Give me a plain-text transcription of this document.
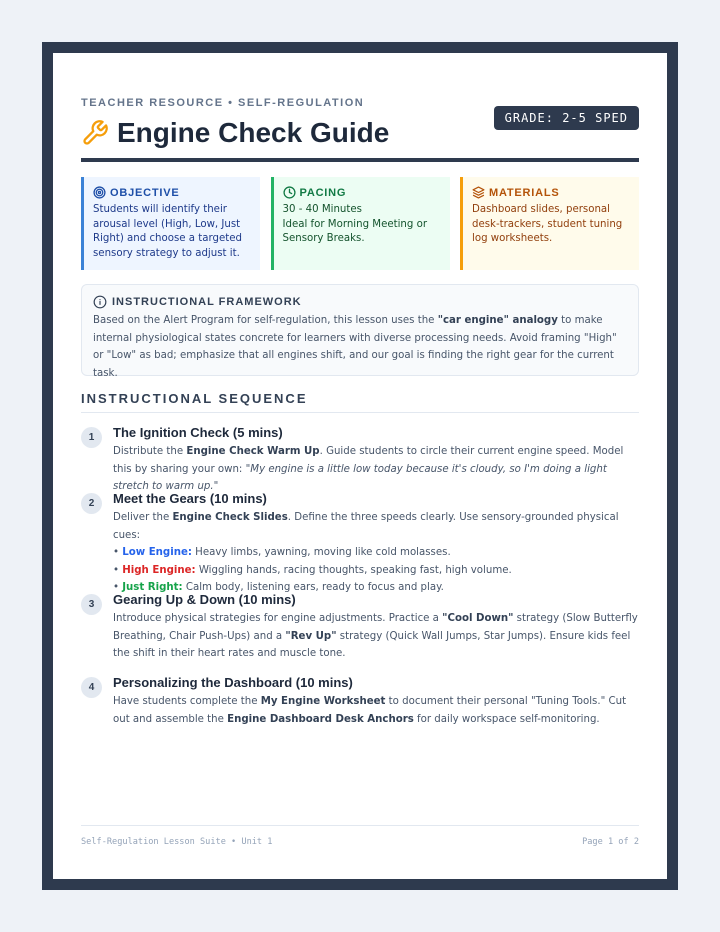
TEACHER RESOURCE • SELF-REGULATION
Engine Check Guide	GRADE: 2-5 SPED
OBJECTIVE
Students will identify their arousal level (High, Low, Just Right) and choose a targeted sensory strategy to adjust it.
PACING
30 - 40 Minutes
Ideal for Morning Meeting or Sensory Breaks.
MATERIALS
Dashboard slides, personal desk-trackers, student tuning log worksheets.
INSTRUCTIONAL FRAMEWORK
Based on the Alert Program for self-regulation, this lesson uses the "car engine" analogy to make internal physiological states concrete for learners with diverse processing needs. Avoid framing "High" or "Low" as bad; emphasize that all engines shift, and our goal is finding the right gear for the current task.
INSTRUCTIONAL SEQUENCE
1	The Ignition Check (5 mins)
Distribute the Engine Check Warm Up. Guide students to circle their current engine speed. Model this by sharing your own: "My engine is a little low today because it's cloudy, so I'm doing a light stretch to warm up."
2	Meet the Gears (10 mins)
Deliver the Engine Check Slides. Define the three speeds clearly. Use sensory-grounded physical cues:
• Low Engine: Heavy limbs, yawning, moving like cold molasses.
• High Engine: Wiggling hands, racing thoughts, speaking fast, high volume.
• Just Right: Calm body, listening ears, ready to focus and play.
3	Gearing Up & Down (10 mins)
Introduce physical strategies for engine adjustments. Practice a "Cool Down" strategy (Slow Butterfly Breathing, Chair Push-Ups) and a "Rev Up" strategy (Quick Wall Jumps, Star Jumps). Ensure kids feel the shift in their heart rates and muscle tone.
4	Personalizing the Dashboard (10 mins)
Have students complete the My Engine Worksheet to document their personal "Tuning Tools." Cut out and assemble the Engine Dashboard Desk Anchors for daily workspace self-monitoring.
Self-Regulation Lesson Suite • Unit 1	Page 1 of 2
